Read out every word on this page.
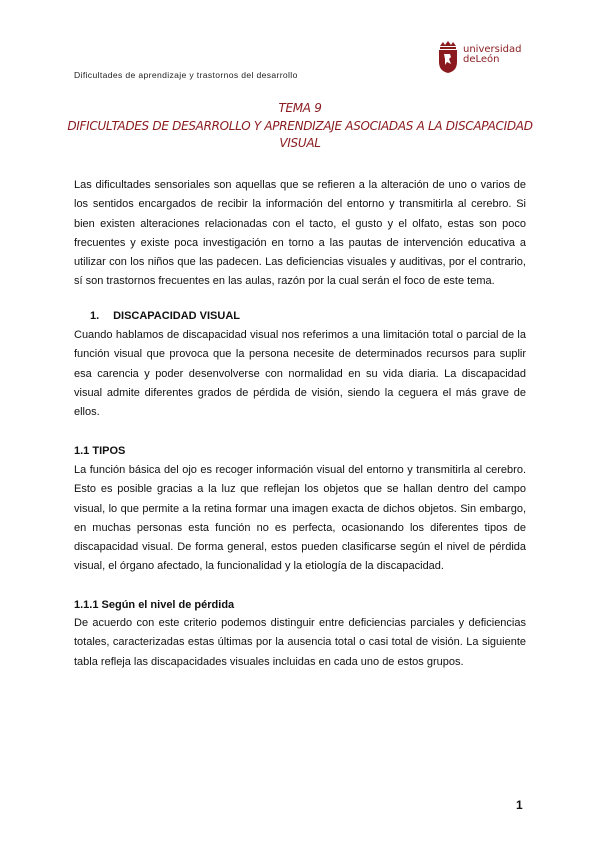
Dificultades de aprendizaje y trastornos del desarrollo
universidad
deLeón
TEMA 9
DIFICULTADES DE DESARROLLO Y APRENDIZAJE ASOCIADAS A LA DISCAPACIDAD
VISUAL
Las dificultades sensoriales son aquellas que se refieren a la alteración de uno o varios de los sentidos encargados de recibir la información del entorno y transmitirla al cerebro. Si bien existen alteraciones relacionadas con el tacto, el gusto y el olfato, estas son poco frecuentes y existe poca investigación en torno a las pautas de intervención educativa a utilizar con los niños que las padecen. Las deficiencias visuales y auditivas, por el contrario, sí son trastornos frecuentes en las aulas, razón por la cual serán el foco de este tema.
1. DISCAPACIDAD VISUAL
Cuando hablamos de discapacidad visual nos referimos a una limitación total o parcial de la función visual que provoca que la persona necesite de determinados recursos para suplir esa carencia y poder desenvolverse con normalidad en su vida diaria. La discapacidad visual admite diferentes grados de pérdida de visión, siendo la ceguera el más grave de ellos.
1.1 TIPOS
La función básica del ojo es recoger información visual del entorno y transmitirla al cerebro. Esto es posible gracias a la luz que reflejan los objetos que se hallan dentro del campo visual, lo que permite a la retina formar una imagen exacta de dichos objetos. Sin embargo, en muchas personas esta función no es perfecta, ocasionando los diferentes tipos de discapacidad visual. De forma general, estos pueden clasificarse según el nivel de pérdida visual, el órgano afectado, la funcionalidad y la etiología de la discapacidad.
1.1.1 Según el nivel de pérdida
De acuerdo con este criterio podemos distinguir entre deficiencias parciales y deficiencias totales, caracterizadas estas últimas por la ausencia total o casi total de visión. La siguiente tabla refleja las discapacidades visuales incluidas en cada uno de estos grupos.
1
